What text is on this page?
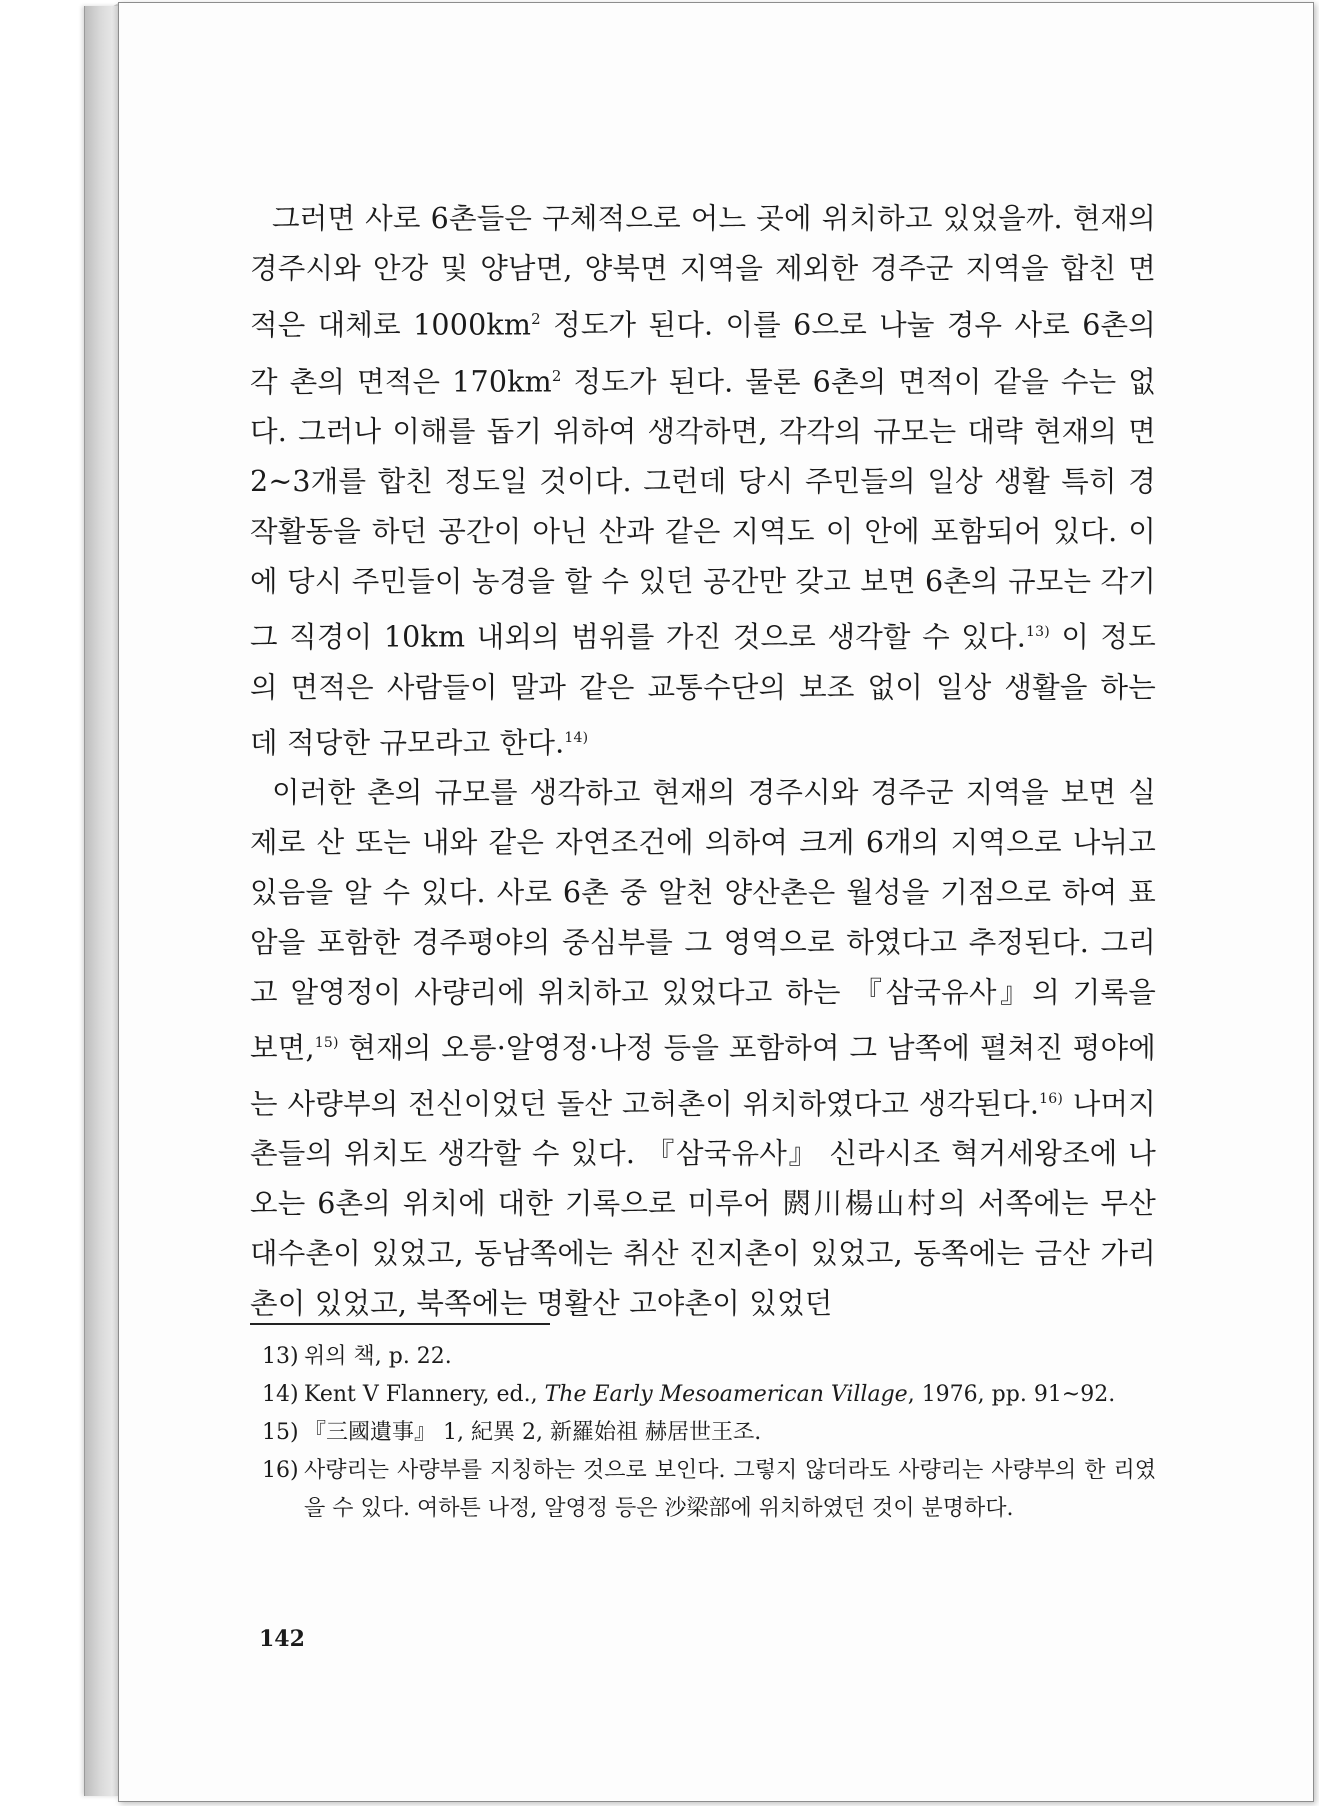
그러면 사로 6촌들은 구체적으로 어느 곳에 위치하고 있었을까. 현재의 경주시와 안강 및 양남면, 양북면 지역을 제외한 경주군 지역을 합친 면적은 대체로 $1000km^2$ 정도가 된다. 이를 6으로 나눌 경우 사로 6촌의 각 촌의 면적은 $170km^2$ 정도가 된다. 물론 6촌의 면적이 같을 수는 없다. 그러나 이해를 돕기 위하여 생각하면, 각각의 규모는 대략 현재의 면 2~3개를 합친 정도일 것이다. 그런데 당시 주민들의 일상 생활 특히 경작활동을 하던 공간이 아닌 산과 같은 지역도 이 안에 포함되어 있다. 이에 당시 주민들이 농경을 할 수 있던 공간만 갖고 보면 6촌의 규모는 각기 그 직경이 10km 내외의 범위를 가진 것으로 생각할 수 있다.$^{13)}$ 이 정도의 면적은 사람들이 말과 같은 교통수단의 보조 없이 일상 생활을 하는 데 적당한 규모라고 한다.$^{14)}$

이러한 촌의 규모를 생각하고 현재의 경주시와 경주군 지역을 보면 실제로 산 또는 내와 같은 자연조건에 의하여 크게 6개의 지역으로 나뉘고 있음을 알 수 있다. 사로 6촌 중 알천 양산촌은 월성을 기점으로 하여 표암을 포함한 경주평야의 중심부를 그 영역으로 하였다고 추정된다. 그리고 알영정이 사량리에 위치하고 있었다고 하는 『삼국유사』의 기록을 보면,$^{15)}$ 현재의 오릉·알영정·나정 등을 포함하여 그 남쪽에 펼쳐진 평야에는 사량부의 전신이었던 돌산 고허촌이 위치하였다고 생각된다.$^{16)}$ 나머지 촌들의 위치도 생각할 수 있다. 『삼국유사』 신라시조 혁거세왕조에 나오는 6촌의 위치에 대한 기록으로 미루어 閼川楊山村의 서쪽에는 무산 대수촌이 있었고, 동남쪽에는 취산 진지촌이 있었고, 동쪽에는 금산 가리촌이 있었고, 북쪽에는 명활산 고야촌이 있었던

13) 위의 책, p. 22.
14) Kent V Flannery, ed., The Early Mesoamerican Village, 1976, pp. 91~92.
15) 『三國遺事』 1, 紀異 2, 新羅始祖 赫居世王조.
16) 사량리는 사량부를 지칭하는 것으로 보인다. 그렇지 않더라도 사량리는 사량부의 한 리였을 수 있다. 여하튼 나정, 알영정 등은 沙梁部에 위치하였던 것이 분명하다.
142
